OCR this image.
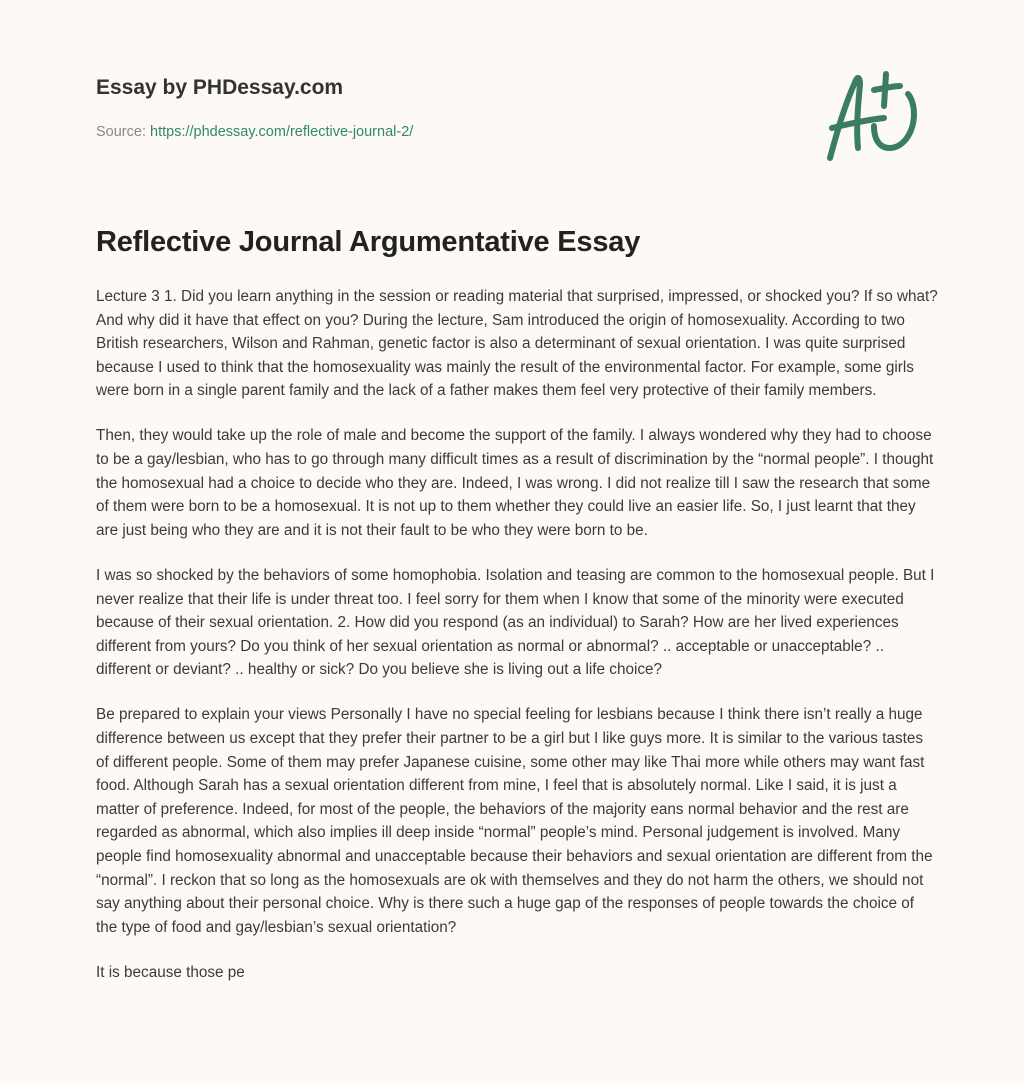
Essay by PHDessay.com
Source: https://phdessay.com/reflective-journal-2/
Reflective Journal Argumentative Essay

Lecture 3 1. Did you learn anything in the session or reading material that surprised, impressed, or shocked you? If so what? And why did it have that effect on you? During the lecture, Sam introduced the origin of homosexuality. According to two British researchers, Wilson and Rahman, genetic factor is also a determinant of sexual orientation. I was quite surprised because I used to think that the homosexuality was mainly the result of the environmental factor. For example, some girls were born in a single parent family and the lack of a father makes them feel very protective of their family members.

Then, they would take up the role of male and become the support of the family. I always wondered why they had to choose to be a gay/lesbian, who has to go through many difficult times as a result of discrimination by the “normal people”. I thought the homosexual had a choice to decide who they are. Indeed, I was wrong. I did not realize till I saw the research that some of them were born to be a homosexual. It is not up to them whether they could live an easier life. So, I just learnt that they are just being who they are and it is not their fault to be who they were born to be.

I was so shocked by the behaviors of some homophobia. Isolation and teasing are common to the homosexual people. But I never realize that their life is under threat too. I feel sorry for them when I know that some of the minority were executed because of their sexual orientation. 2. How did you respond (as an individual) to Sarah? How are her lived experiences different from yours? Do you think of her sexual orientation as normal or abnormal? .. acceptable or unacceptable? .. different or deviant? .. healthy or sick? Do you believe she is living out a life choice?

Be prepared to explain your views Personally I have no special feeling for lesbians because I think there isn’t really a huge difference between us except that they prefer their partner to be a girl but I like guys more. It is similar to the various tastes of different people. Some of them may prefer Japanese cuisine, some other may like Thai more while others may want fast food. Although Sarah has a sexual orientation different from mine, I feel that is absolutely normal. Like I said, it is just a matter of preference. Indeed, for most of the people, the behaviors of the majority eans normal behavior and the rest are regarded as abnormal, which also implies ill deep inside “normal” people’s mind. Personal judgement is involved. Many people find homosexuality abnormal and unacceptable because their behaviors and sexual orientation are different from the “normal”. I reckon that so long as the homosexuals are ok with themselves and they do not harm the others, we should not say anything about their personal choice. Why is there such a huge gap of the responses of people towards the choice of the type of food and gay/lesbian’s sexual orientation?

It is because those pe
